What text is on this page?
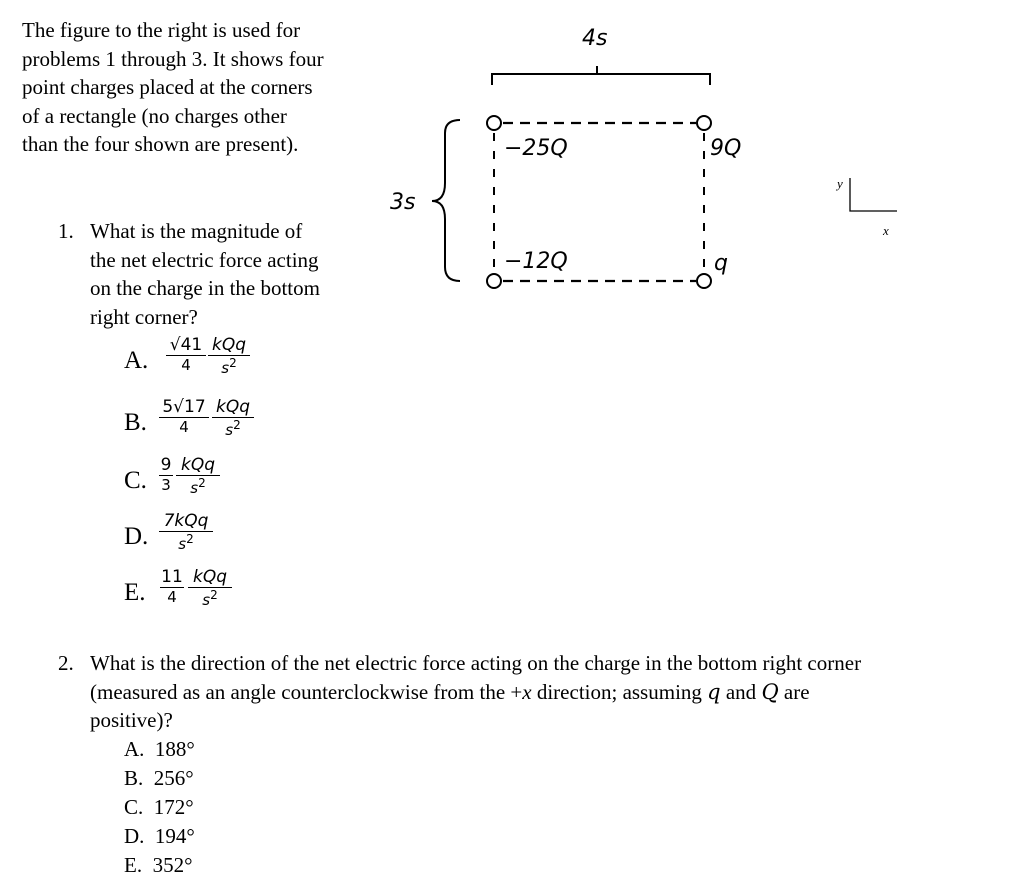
The figure to the right is used for
problems 1 through 3. It shows four
point charges placed at the corners
of a rectangle (no charges other
than the four shown are present).
4s
3s
−25Q	9Q
−12Q	q
y
x
1. What is the magnitude of
the net electric force acting
on the charge in the bottom
right corner?
A.
√41
4
kQq
$s^2$
B.
5√17
4
kQq
$s^2$
C.
9
3
kQq
$s^2$
D.
7kQq
$s^2$
E.
11
4
kQq
$s^2$
2. What is the direction of the net electric force acting on the charge in the bottom right corner
(measured as an angle counterclockwise from the +x direction; assuming q and Q are
positive)?
A. 188°
B. 256°
C. 172°
D. 194°
E. 352°
